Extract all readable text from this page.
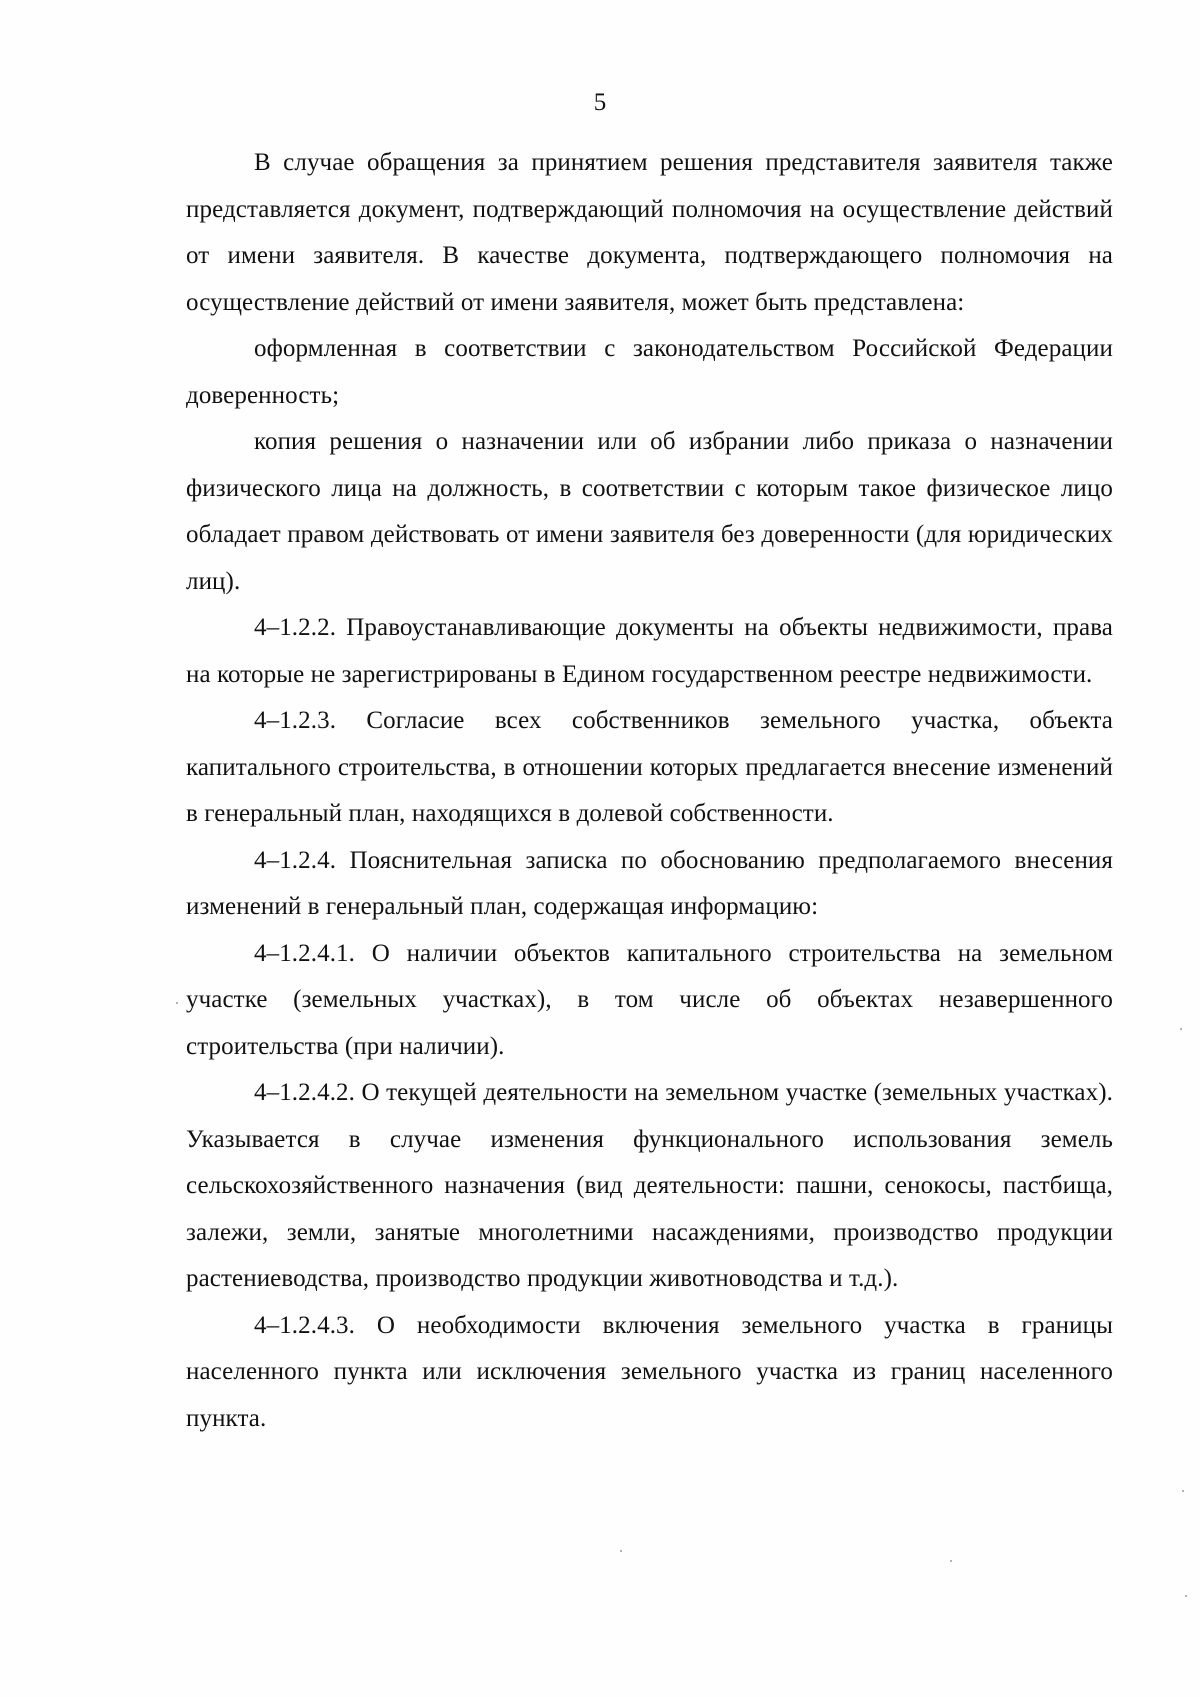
5

В случае обращения за принятием решения представителя заявителя также представляется документ, подтверждающий полномочия на осуществление действий от имени заявителя. В качестве документа, подтверждающего полномочия на осуществление действий от имени заявителя, может быть представлена:

оформленная в соответствии с законодательством Российской Федерации доверенность;

копия решения о назначении или об избрании либо приказа о назначении физического лица на должность, в соответствии с которым такое физическое лицо обладает правом действовать от имени заявителя без доверенности (для юридических лиц).

4–1.2.2. Правоустанавливающие документы на объекты недвижимости, права на которые не зарегистрированы в Едином государственном реестре недвижимости.

4–1.2.3. Согласие всех собственников земельного участка, объекта капитального строительства, в отношении которых предлагается внесение изменений в генеральный план, находящихся в долевой собственности.

4–1.2.4. Пояснительная записка по обоснованию предполагаемого внесения изменений в генеральный план, содержащая информацию:

4–1.2.4.1. О наличии объектов капитального строительства на земельном участке (земельных участках), в том числе об объектах незавершенного строительства (при наличии).

4–1.2.4.2. О текущей деятельности на земельном участке (земельных участках). Указывается в случае изменения функционального использования земель сельскохозяйственного назначения (вид деятельности: пашни, сенокосы, пастбища, залежи, земли, занятые многолетними насаждениями, производство продукции растениеводства, производство продукции животноводства и т.д.).

4–1.2.4.3. О необходимости включения земельного участка в границы населенного пункта или исключения земельного участка из границ населенного пункта.
